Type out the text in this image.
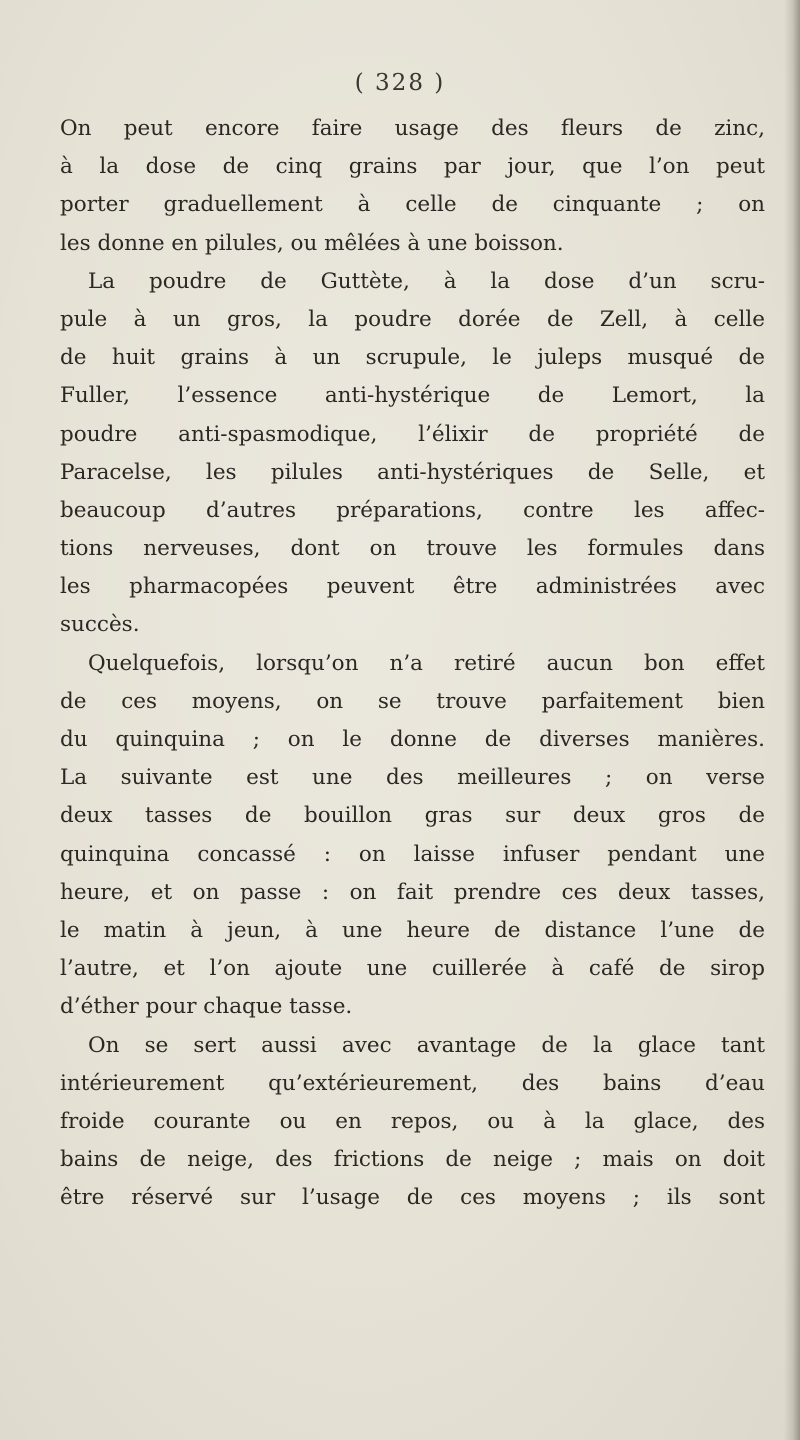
( 328 )
On peut encore faire usage des fleurs de zinc,
à la dose de cinq grains par jour, que l’on peut
porter graduellement à celle de cinquante ; on
les donne en pilules, ou mêlées à une boisson.
La poudre de Guttète, à la dose d’un scru-
pule à un gros, la poudre dorée de Zell, à celle
de huit grains à un scrupule, le juleps musqué de
Fuller, l’essence anti-hystérique de Lemort, la
poudre anti-spasmodique, l’élixir de propriété de
Paracelse, les pilules anti-hystériques de Selle, et
beaucoup d’autres préparations, contre les affec-
tions nerveuses, dont on trouve les formules dans
les pharmacopées peuvent être administrées avec
succès.
Quelquefois, lorsqu’on n’a retiré aucun bon effet
de ces moyens, on se trouve parfaitement bien
du quinquina ; on le donne de diverses manières.
La suivante est une des meilleures ; on verse
deux tasses de bouillon gras sur deux gros de
quinquina concassé : on laisse infuser pendant une
heure, et on passe : on fait prendre ces deux tasses,
le matin à jeun, à une heure de distance l’une de
l’autre, et l’on ajoute une cuillerée à café de sirop
d’éther pour chaque tasse.
On se sert aussi avec avantage de la glace tant
intérieurement qu’extérieurement, des bains d’eau
froide courante ou en repos, ou à la glace, des
bains de neige, des frictions de neige ; mais on doit
être réservé sur l’usage de ces moyens ; ils sont
